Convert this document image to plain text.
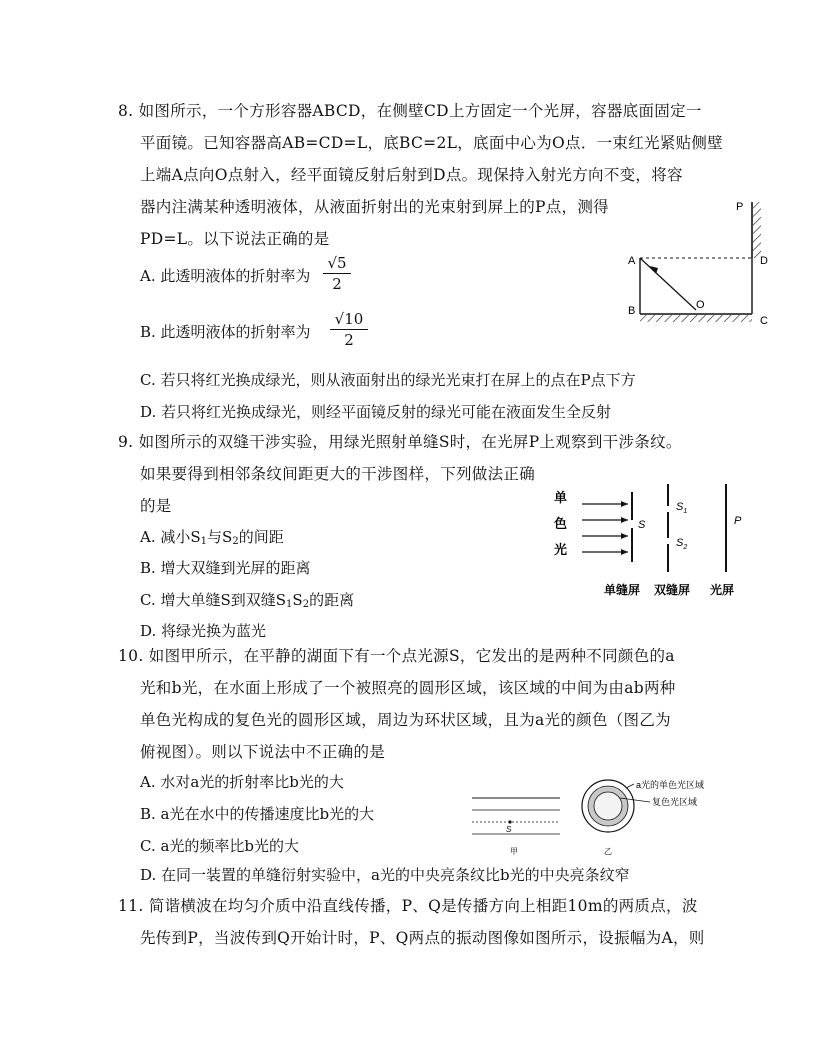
8. 如图所示，一个方形容器ABCD，在侧壁CD上方固定一个光屏，容器底面固定一
平面镜。已知容器高AB=CD=L，底BC=2L，底面中心为O点．一束红光紧贴侧壁
上端A点向O点射入，经平面镜反射后射到D点。现保持入射光方向不变，将容
器内注满某种透明液体，从液面折射出的光束射到屏上的P点，测得
PD=L。以下说法正确的是
A. 此透明液体的折射率为
√5
2
B. 此透明液体的折射率为
√10
2
C. 若只将红光换成绿光，则从液面射出的绿光光束打在屏上的点在P点下方
D. 若只将红光换成绿光，则经平面镜反射的绿光可能在液面发生全反射
P
A	D
B	O
C
9. 如图所示的双缝干涉实验，用绿光照射单缝S时，在光屏P上观察到干涉条纹。
如果要得到相邻条纹间距更大的干涉图样，下列做法正确
的是
A. 减小$S_1$与$S_2$的间距
B. 增大双缝到光屏的距离
C. 增大单缝S到双缝$S_1S_2$的距离
D. 将绿光换为蓝光
单
色
光
S
$S_1$
$S_2$
P
单缝屏 双缝屏 光屏
10. 如图甲所示，在平静的湖面下有一个点光源S，它发出的是两种不同颜色的a
光和b光，在水面上形成了一个被照亮的圆形区域，该区域的中间为由ab两种
单色光构成的复色光的圆形区域，周边为环状区域，且为a光的颜色（图乙为
俯视图）。则以下说法中不正确的是
A. 水对a光的折射率比b光的大
B. a光在水中的传播速度比b光的大
C. a光的频率比b光的大
D. 在同一装置的单缝衍射实验中，a光的中央亮条纹比b光的中央亮条纹窄
S
甲
a光的单色光区域
复色光区域
乙
11. 简谐横波在均匀介质中沿直线传播，P、Q是传播方向上相距10m的两质点，波
先传到P，当波传到Q开始计时，P、Q两点的振动图像如图所示，设振幅为A，则
